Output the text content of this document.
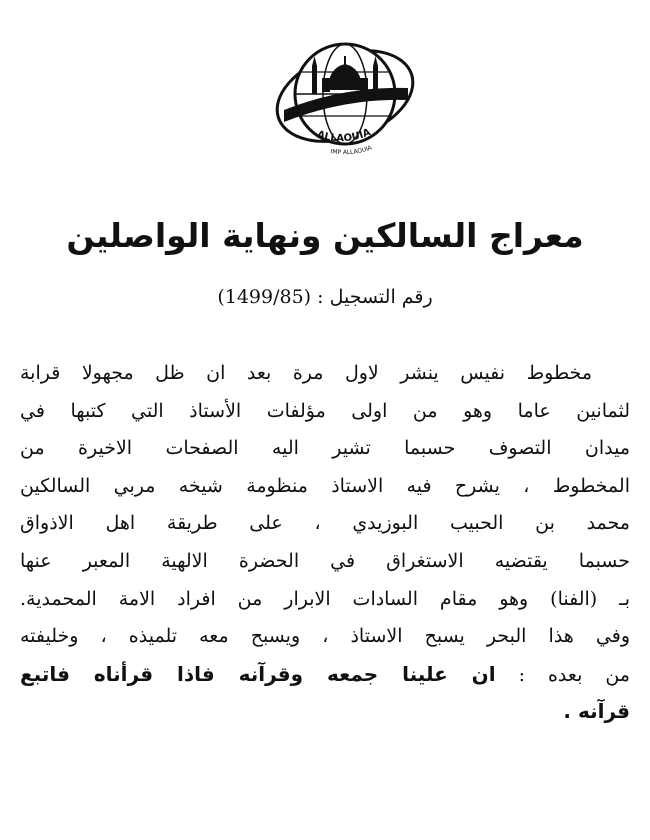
ALLAOUIA
IMP ALLAOUIA
معراج السالكين ونهاية الواصلين
رقم التسجيل : (1499/85)
مخطوط نفيس ينشر لاول مرة بعد ان ظل مجهولا قرابة
لثمانين عاما وهو من اولى مؤلفات الأستاذ التي كتبها في
ميدان التصوف حسبما تشير اليه الصفحات الاخيرة من
المخطوط ، يشرح فيه الاستاذ منظومة شيخه مربي السالكين
محمد بن الحبيب البوزيدي ، على طريقة اهل الاذواق
حسبما يقتضيه الاستغراق في الحضرة الالهية المعبر عنها
بـ (الفنا) وهو مقام السادات الابرار من افراد الامة المحمدية.
وفي هذا البحر يسبح الاستاذ ، ويسبح معه تلميذه ، وخليفته
من بعده : ان علينا جمعه وقرآنه فاذا قرأناه فاتبع
قرآنه .
